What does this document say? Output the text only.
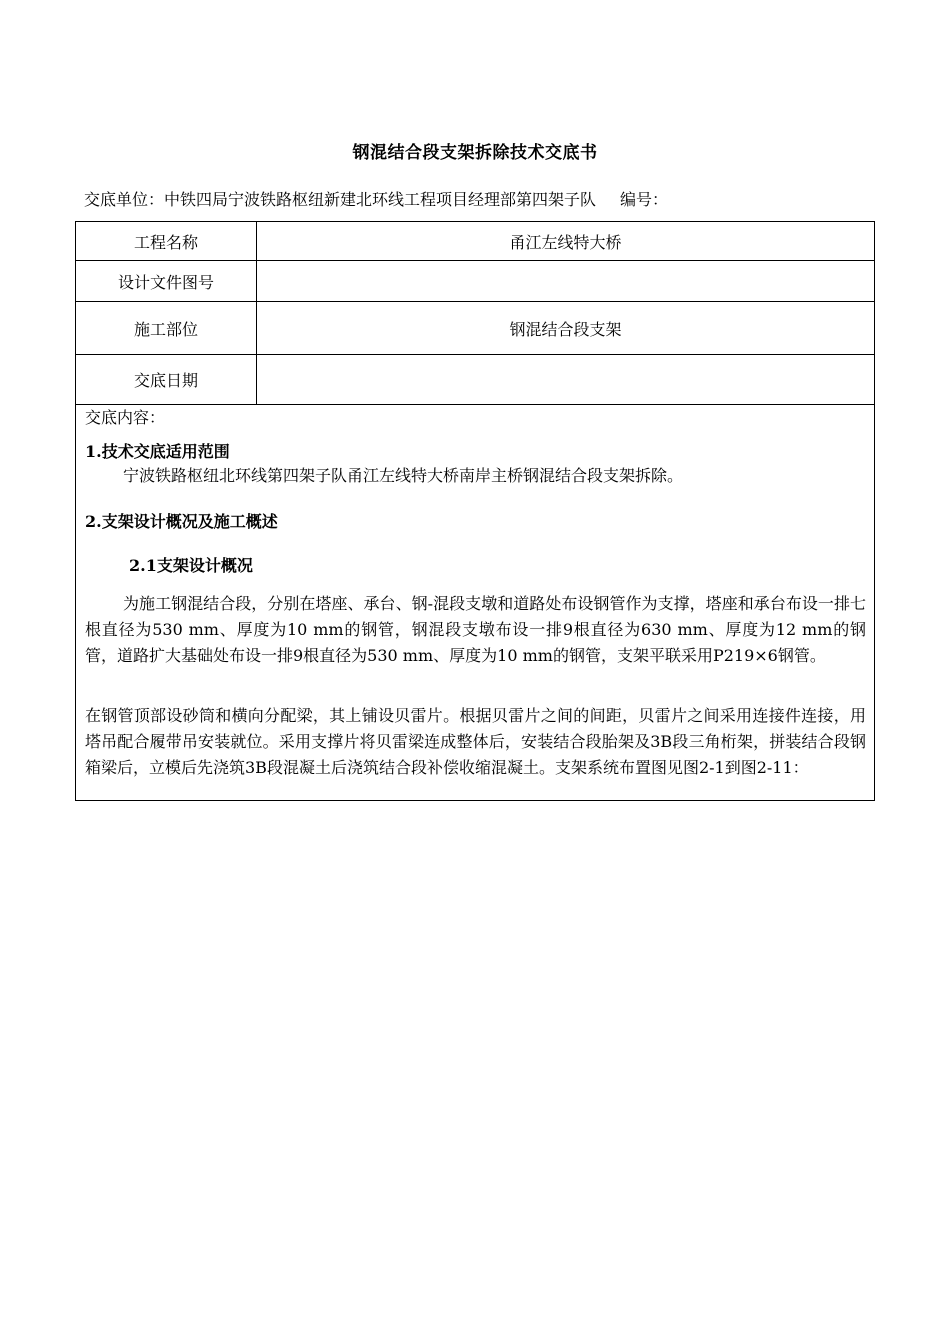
钢混结合段支架拆除技术交底书
交底单位：中铁四局宁波铁路枢纽新建北环线工程项目经理部第四架子队 编号：
工程名称	甬江左线特大桥
设计文件图号	
施工部位	钢混结合段支架
交底日期	
交底内容：
1.技术交底适用范围
宁波铁路枢纽北环线第四架子队甬江左线特大桥南岸主桥钢混结合段支架拆除。
2.支架设计概况及施工概述
2.1支架设计概况
为施工钢混结合段，分别在塔座、承台、钢-混段支墩和道路处布设钢管作为支撑，塔座和承台布设一排七根直径为530 mm、厚度为10 mm的钢管，钢混段支墩布设一排9根直径为630 mm、厚度为12 mm的钢管，道路扩大基础处布设一排9根直径为530 mm、厚度为10 mm的钢管，支架平联采用P219×6钢管。
在钢管顶部设砂筒和横向分配梁，其上铺设贝雷片。根据贝雷片之间的间距，贝雷片之间采用连接件连接，用塔吊配合履带吊安装就位。采用支撑片将贝雷梁连成整体后，安装结合段胎架及3B段三角桁架，拼装结合段钢箱梁后，立模后先浇筑3B段混凝土后浇筑结合段补偿收缩混凝土。支架系统布置图见图2-1到图2-11：
